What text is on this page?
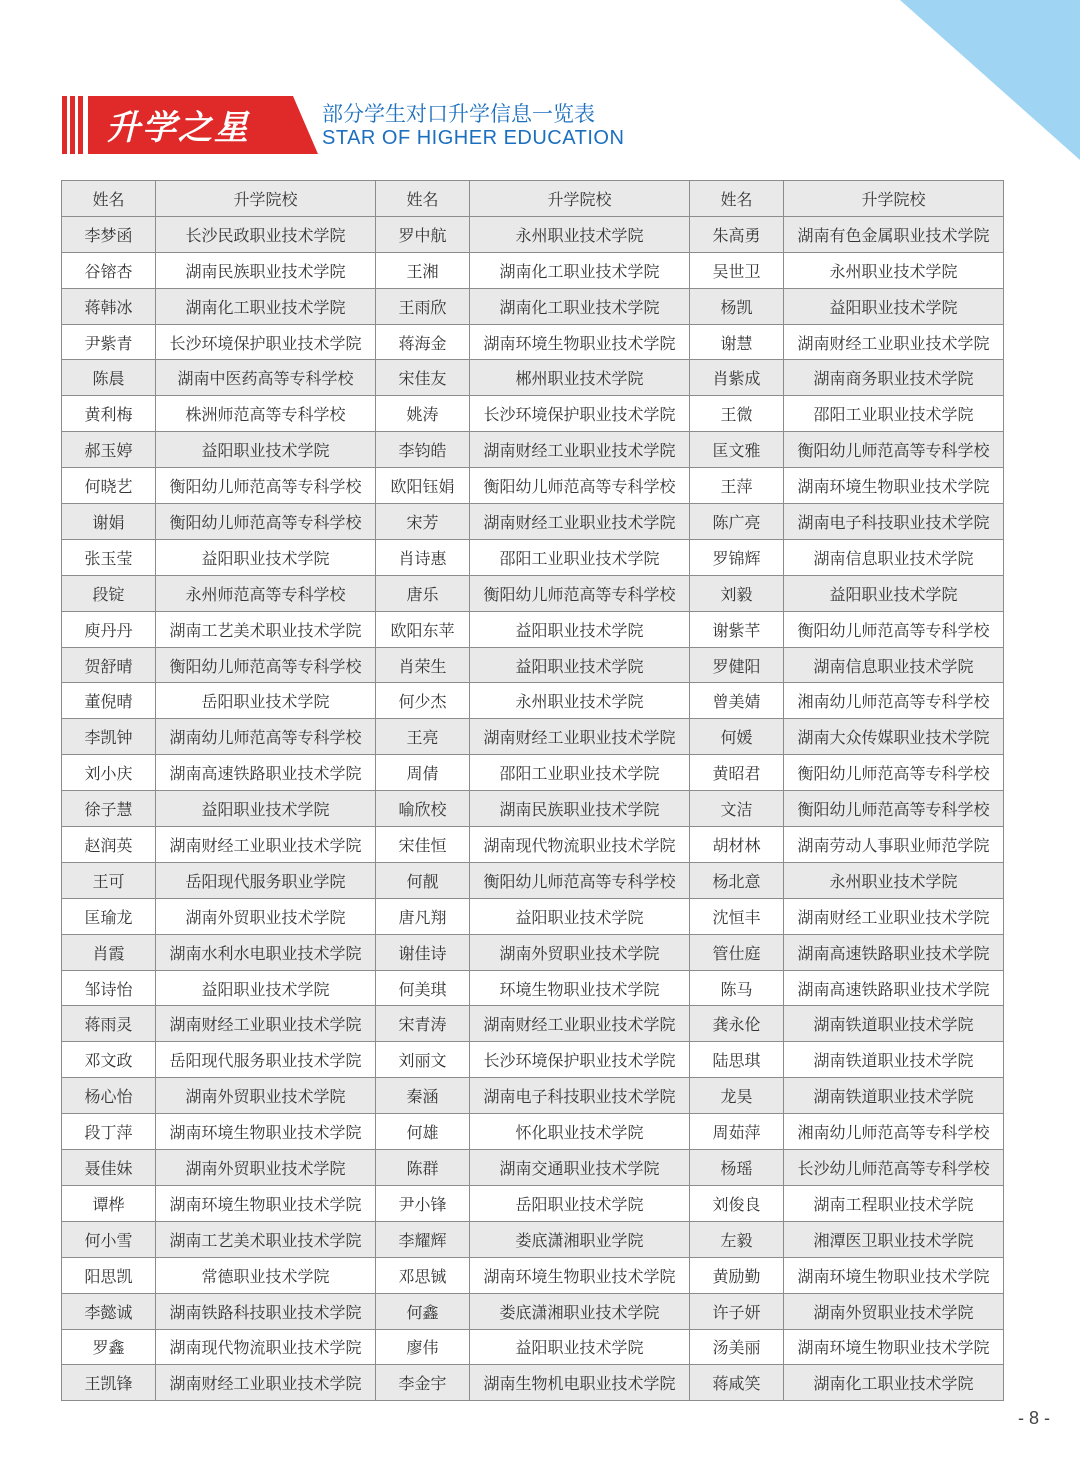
升学之星	部分学生对口升学信息一览表
STAR OF HIGHER EDUCATION
姓名	升学院校	姓名	升学院校	姓名	升学院校
李梦函	长沙民政职业技术学院	罗中航	永州职业技术学院	朱高勇	湖南有色金属职业技术学院
谷镕杏	湖南民族职业技术学院	王湘	湖南化工职业技术学院	吴世卫	永州职业技术学院
蒋韩冰	湖南化工职业技术学院	王雨欣	湖南化工职业技术学院	杨凯	益阳职业技术学院
尹紫青	长沙环境保护职业技术学院	蒋海金	湖南环境生物职业技术学院	谢慧	湖南财经工业职业技术学院
陈晨	湖南中医药高等专科学校	宋佳友	郴州职业技术学院	肖紫成	湖南商务职业技术学院
黄利梅	株洲师范高等专科学校	姚涛	长沙环境保护职业技术学院	王微	邵阳工业职业技术学院
郝玉婷	益阳职业技术学院	李钧皓	湖南财经工业职业技术学院	匡文雅	衡阳幼儿师范高等专科学校
何晓艺	衡阳幼儿师范高等专科学校	欧阳钰娟	衡阳幼儿师范高等专科学校	王萍	湖南环境生物职业技术学院
谢娟	衡阳幼儿师范高等专科学校	宋芳	湖南财经工业职业技术学院	陈广亮	湖南电子科技职业技术学院
张玉莹	益阳职业技术学院	肖诗惠	邵阳工业职业技术学院	罗锦辉	湖南信息职业技术学院
段锭	永州师范高等专科学校	唐乐	衡阳幼儿师范高等专科学校	刘毅	益阳职业技术学院
庾丹丹	湖南工艺美术职业技术学院	欧阳东苹	益阳职业技术学院	谢紫芊	衡阳幼儿师范高等专科学校
贺舒晴	衡阳幼儿师范高等专科学校	肖荣生	益阳职业技术学院	罗健阳	湖南信息职业技术学院
董倪晴	岳阳职业技术学院	何少杰	永州职业技术学院	曾美婧	湘南幼儿师范高等专科学校
李凯钟	湖南幼儿师范高等专科学校	王亮	湖南财经工业职业技术学院	何媛	湖南大众传媒职业技术学院
刘小庆	湖南高速铁路职业技术学院	周倩	邵阳工业职业技术学院	黄昭君	衡阳幼儿师范高等专科学校
徐子慧	益阳职业技术学院	喻欣校	湖南民族职业技术学院	文洁	衡阳幼儿师范高等专科学校
赵润英	湖南财经工业职业技术学院	宋佳恒	湖南现代物流职业技术学院	胡材林	湖南劳动人事职业师范学院
王可	岳阳现代服务职业学院	何靓	衡阳幼儿师范高等专科学校	杨北意	永州职业技术学院
匡瑜龙	湖南外贸职业技术学院	唐凡翔	益阳职业技术学院	沈恒丰	湖南财经工业职业技术学院
肖霞	湖南水利水电职业技术学院	谢佳诗	湖南外贸职业技术学院	管仕庭	湖南高速铁路职业技术学院
邹诗怡	益阳职业技术学院	何美琪	环境生物职业技术学院	陈马	湖南高速铁路职业技术学院
蒋雨灵	湖南财经工业职业技术学院	宋青涛	湖南财经工业职业技术学院	龚永伦	湖南铁道职业技术学院
邓文政	岳阳现代服务职业技术学院	刘丽文	长沙环境保护职业技术学院	陆思琪	湖南铁道职业技术学院
杨心怡	湖南外贸职业技术学院	秦涵	湖南电子科技职业技术学院	龙昊	湖南铁道职业技术学院
段丁萍	湖南环境生物职业技术学院	何雄	怀化职业技术学院	周茹萍	湘南幼儿师范高等专科学校
聂佳妹	湖南外贸职业技术学院	陈群	湖南交通职业技术学院	杨瑶	长沙幼儿师范高等专科学校
谭桦	湖南环境生物职业技术学院	尹小锋	岳阳职业技术学院	刘俊良	湖南工程职业技术学院
何小雪	湖南工艺美术职业技术学院	李耀辉	娄底潇湘职业学院	左毅	湘潭医卫职业技术学院
阳思凯	常德职业技术学院	邓思铖	湖南环境生物职业技术学院	黄励勤	湖南环境生物职业技术学院
李懿诚	湖南铁路科技职业技术学院	何鑫	娄底潇湘职业技术学院	许子妍	湖南外贸职业技术学院
罗鑫	湖南现代物流职业技术学院	廖伟	益阳职业技术学院	汤美丽	湖南环境生物职业技术学院
王凯锋	湖南财经工业职业技术学院	李金宇	湖南生物机电职业技术学院	蒋咸笑	湖南化工职业技术学院
- 8 -
